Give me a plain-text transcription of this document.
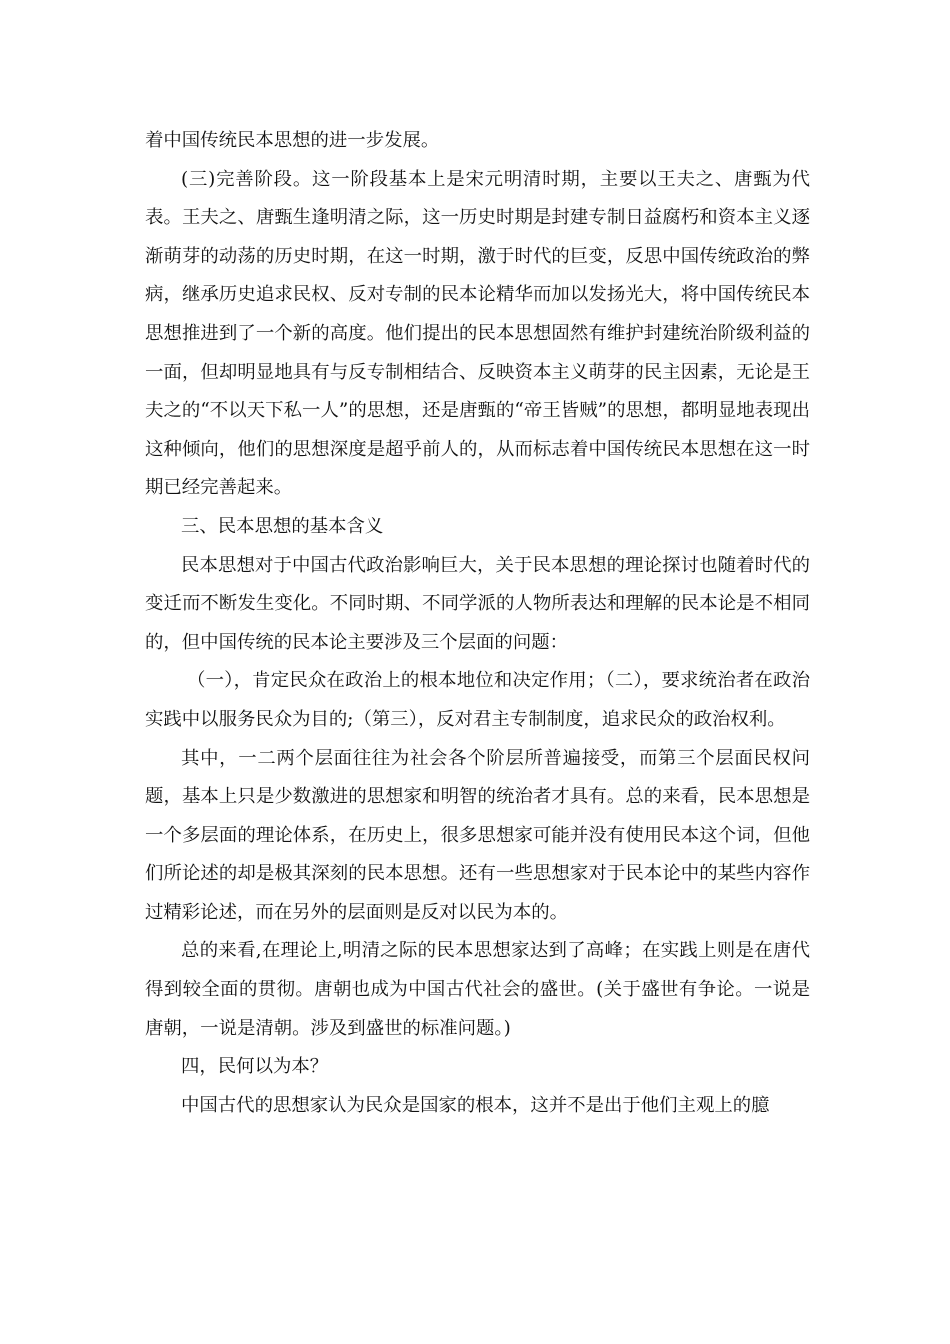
着中国传统民本思想的进一步发展。

(三)完善阶段。这一阶段基本上是宋元明清时期，主要以王夫之、唐甄为代表。王夫之、唐甄生逢明清之际，这一历史时期是封建专制日益腐朽和资本主义逐渐萌芽的动荡的历史时期，在这一时期，激于时代的巨变，反思中国传统政治的弊病，继承历史追求民权、反对专制的民本论精华而加以发扬光大，将中国传统民本思想推进到了一个新的高度。他们提出的民本思想固然有维护封建统治阶级利益的一面，但却明显地具有与反专制相结合、反映资本主义萌芽的民主因素，无论是王夫之的“不以天下私一人”的思想，还是唐甄的“帝王皆贼”的思想，都明显地表现出这种倾向，他们的思想深度是超乎前人的，从而标志着中国传统民本思想在这一时期已经完善起来。

三、民本思想的基本含义

民本思想对于中国古代政治影响巨大，关于民本思想的理论探讨也随着时代的变迁而不断发生变化。不同时期、不同学派的人物所表达和理解的民本论是不相同的，但中国传统的民本论主要涉及三个层面的问题：

（一），肯定民众在政治上的根本地位和决定作用；（二），要求统治者在政治实践中以服务民众为目的;（第三），反对君主专制制度，追求民众的政治权利。

其中，一二两个层面往往为社会各个阶层所普遍接受，而第三个层面民权问题，基本上只是少数激进的思想家和明智的统治者才具有。总的来看，民本思想是一个多层面的理论体系，在历史上，很多思想家可能并没有使用民本这个词，但他们所论述的却是极其深刻的民本思想。还有一些思想家对于民本论中的某些内容作过精彩论述，而在另外的层面则是反对以民为本的。

总的来看,在理论上,明清之际的民本思想家达到了高峰；在实践上则是在唐代得到较全面的贯彻。唐朝也成为中国古代社会的盛世。(关于盛世有争论。一说是唐朝，一说是清朝。涉及到盛世的标准问题。)

四，民何以为本？

中国古代的思想家认为民众是国家的根本，这并不是出于他们主观上的臆
